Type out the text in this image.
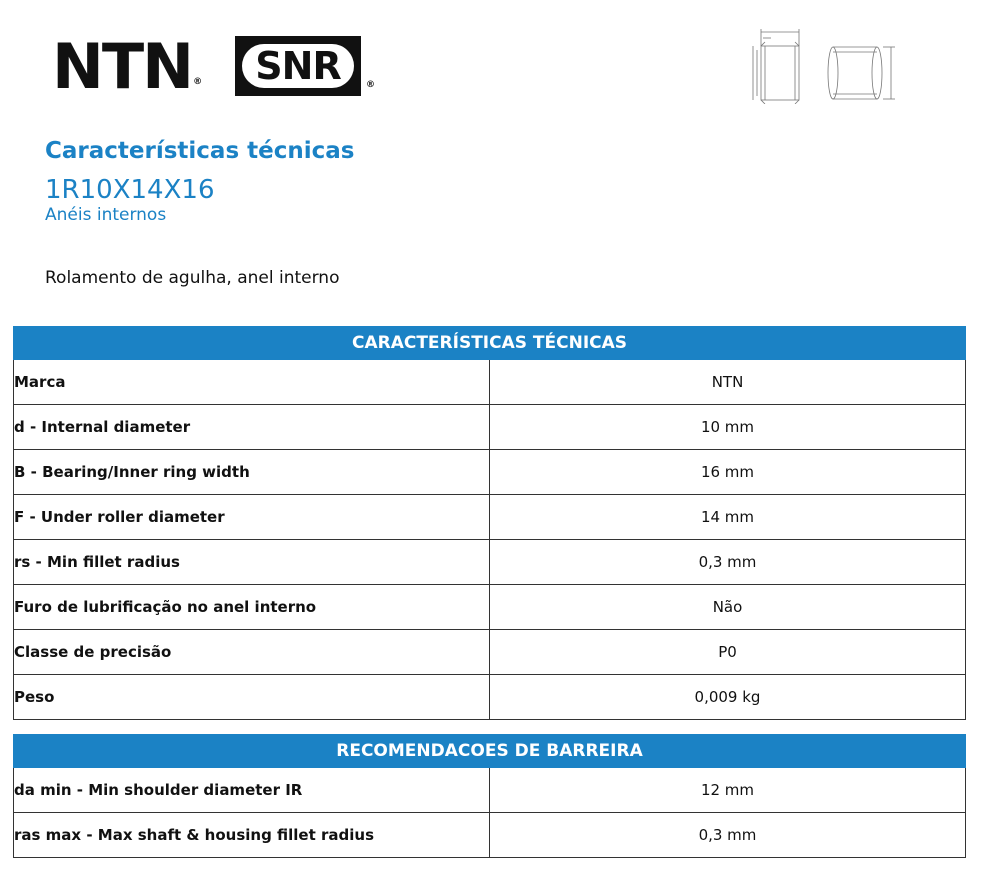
NTN ® SNR	®
Características técnicas
1R10X14X16
Anéis internos
Rolamento de agulha, anel interno
CARACTERÍSTICAS TÉCNICAS	
Marca	NTN
d - Internal diameter	10 mm
B - Bearing/Inner ring width	16 mm
F - Under roller diameter	14 mm
rs - Min fillet radius	0,3 mm
Furo de lubrificação no anel interno	Não
Classe de precisão	P0
Peso	0,009 kg
RECOMENDACOES DE BARREIRA	
da min - Min shoulder diameter IR	12 mm
ras max - Max shaft & housing fillet radius	0,3 mm
